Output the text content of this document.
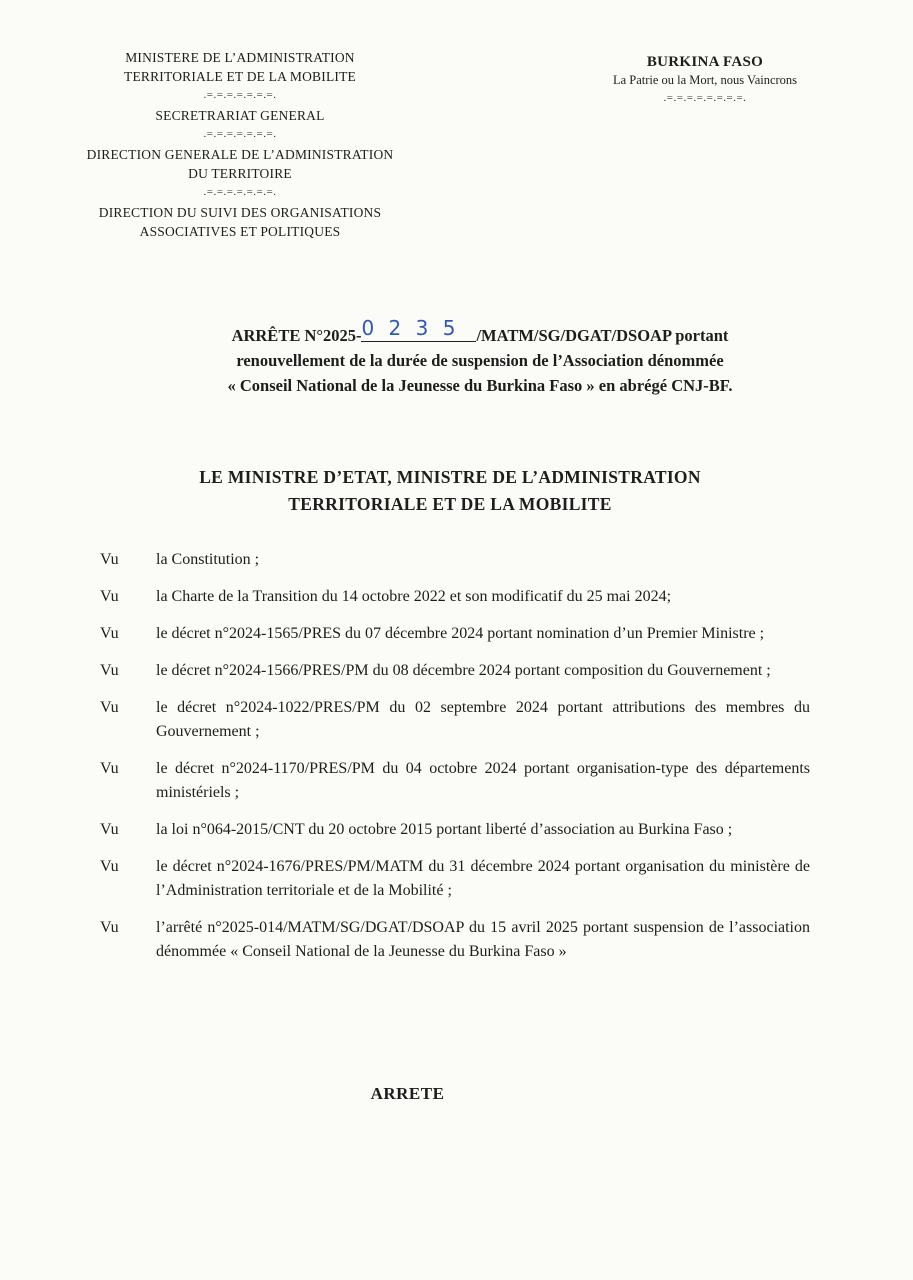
MINISTERE DE L’ADMINISTRATION
TERRITORIALE ET DE LA MOBILITE
.=.=.=.=.=.=.=.
SECRETRARIAT GENERAL
.=.=.=.=.=.=.=.
DIRECTION GENERALE DE L’ADMINISTRATION
DU TERRITOIRE
.=.=.=.=.=.=.=.
DIRECTION DU SUIVI DES ORGANISATIONS
ASSOCIATIVES ET POLITIQUES
BURKINA FASO
La Patrie ou la Mort, nous Vaincrons
.=.=.=.=.=.=.=.=.
ARRÊTE N°2025-0 2 3 5 /MATM/SG/DGAT/DSOAP portant
renouvellement de la durée de suspension de l’Association dénommée
« Conseil National de la Jeunesse du Burkina Faso » en abrégé CNJ-BF.
LE MINISTRE D’ETAT, MINISTRE DE L’ADMINISTRATION
TERRITORIALE ET DE LA MOBILITE
Vu	la Constitution ;
Vu	la Charte de la Transition du 14 octobre 2022 et son modificatif du 25 mai 2024;
Vu	le décret n°2024-1565/PRES du 07 décembre 2024 portant nomination d’un Premier Ministre ;
Vu	le décret n°2024-1566/PRES/PM du 08 décembre 2024 portant composition du Gouvernement ;
Vu	le décret n°2024-1022/PRES/PM du 02 septembre 2024 portant attributions des membres du Gouvernement ;
Vu	le décret n°2024-1170/PRES/PM du 04 octobre 2024 portant organisation-type des départements ministériels ;
Vu	la loi n°064-2015/CNT du 20 octobre 2015 portant liberté d’association au Burkina Faso ;
Vu	le décret n°2024-1676/PRES/PM/MATM du 31 décembre 2024 portant organisation du ministère de l’Administration territoriale et de la Mobilité ;
Vu	l’arrêté n°2025-014/MATM/SG/DGAT/DSOAP du 15 avril 2025 portant suspension de l’association dénommée « Conseil National de la Jeunesse du Burkina Faso »
ARRETE
